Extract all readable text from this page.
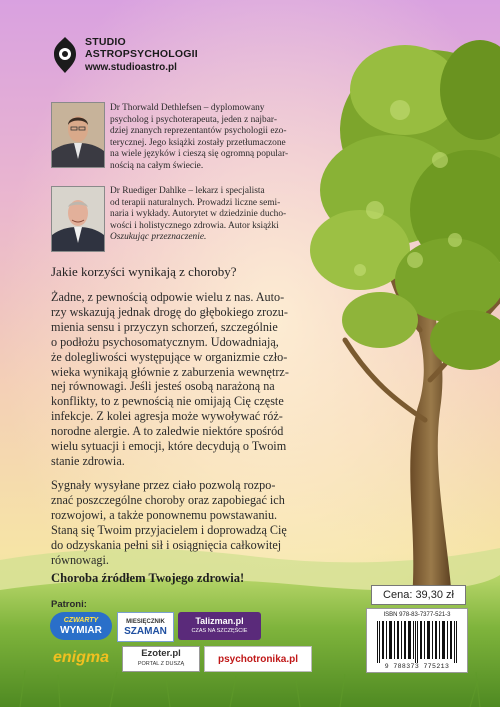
STUDIO
ASTROPSYCHOLOGII
www.studioastro.pl
Dr Thorwald Dethlefsen – dyplomowany
psycholog i psychoterapeuta, jeden z najbar-
dziej znanych reprezentantów psychologii ezo-
terycznej. Jego książki zostały przetłumaczone
na wiele języków i cieszą się ogromną popular-
nością na całym świecie.
Dr Ruediger Dahlke – lekarz i specjalista
od terapii naturalnych. Prowadzi liczne semi-
naria i wykłady. Autorytet w dziedzinie ducho-
wości i holistycznego zdrowia. Autor książki
Oszukując przeznaczenie.
Jakie korzyści wynikają z choroby?

Żadne, z pewnością odpowie wielu z nas. Auto-

rzy wskazują jednak drogę do głębokiego zrozu-

mienia sensu i przyczyn schorzeń, szczególnie

o podłożu psychosomatycznym. Udowadniają,

że dolegliwości występujące w organizmie czło-

wieka wynikają głównie z zaburzenia wewnętrz-

nej równowagi. Jeśli jesteś osobą narażoną na

konflikty, to z pewnością nie omijają Cię częste

infekcje. Z kolei agresja może wywoływać róż-

norodne alergie. A to zaledwie niektóre spośród

wielu sytuacji i emocji, które decydują o Twoim

stanie zdrowia.

Sygnały wysyłane przez ciało pozwolą rozpo-

znać poszczególne choroby oraz zapobiegać ich

rozwojowi, a także ponownemu powstawaniu.

Staną się Twoim przyjacielem i doprowadzą Cię

do odzyskania pełni sił i osiągnięcia całkowitej

równowagi.

Choroba źródłem Twojego zdrowia!
Patroni:
CZWARTY
WYMIAR
MIESIĘCZNIK
SZAMAN
Talizman.pl
CZAS NA SZCZĘŚCIE
enigma	Ezoter.pl
PORTAL Z DUSZĄ	psychotronika.pl
Cena: 39,30 zł
ISBN 978-83-7377-521-3
9 788373 775213
